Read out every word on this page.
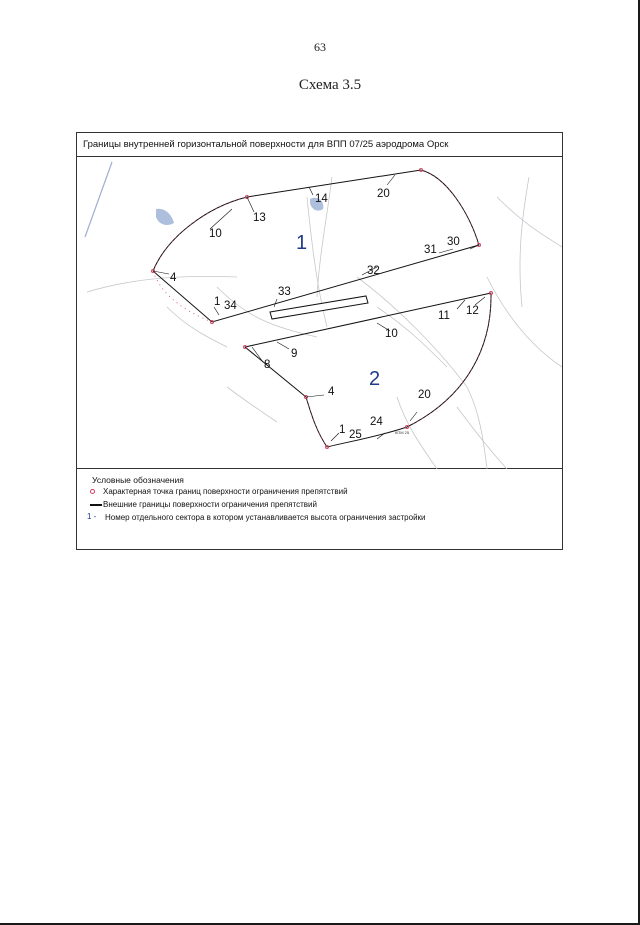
63
Схема 3.5
Границы внутренней горизонтальной поверхности для ВПП 07/25 аэродрома Орск
13
10
14	20
30
31
4
32
33
1 34	12
11
10
9
8
4	20
24
1 25	КПМ 25
1
2
Условные обозначения
Характерная точка границ поверхности ограничения препятствий
Внешние границы поверхности ограничения препятствий
1 - Номер отдельного сектора в котором устанавливается высота ограничения застройки
